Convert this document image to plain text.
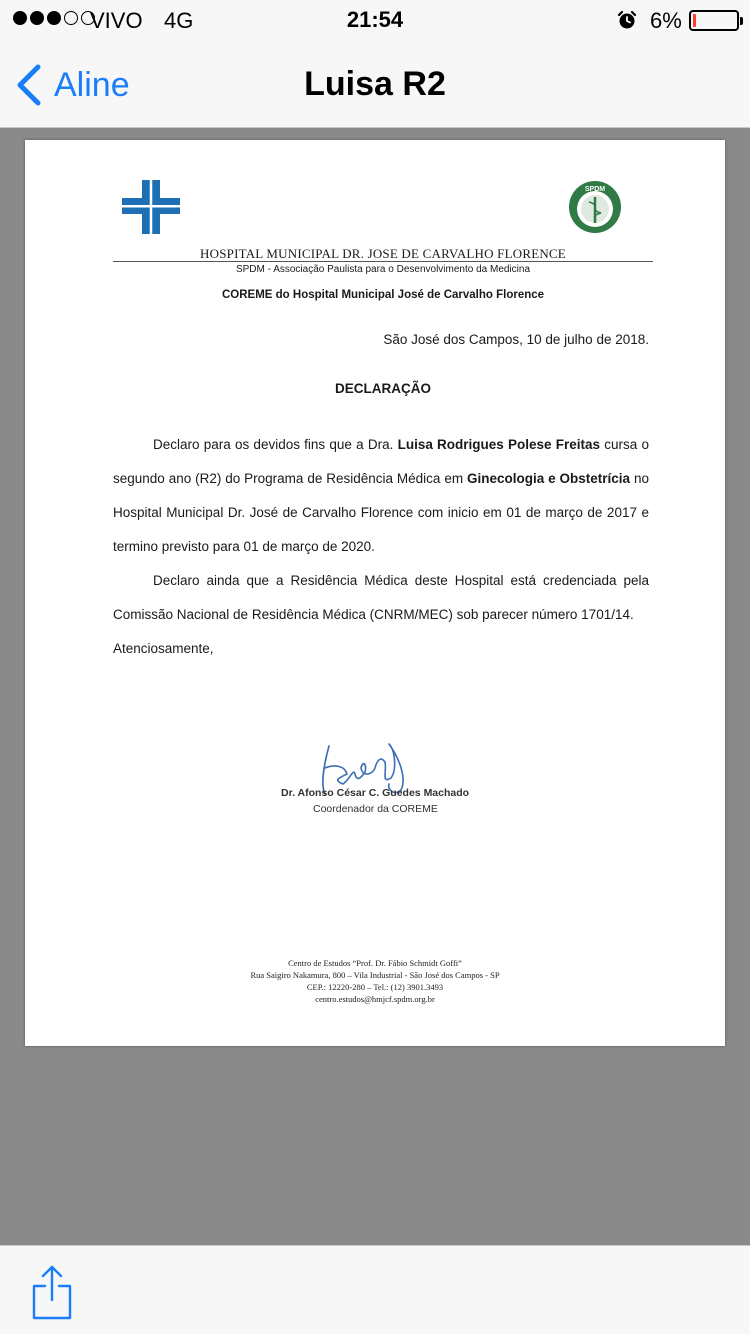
VIVO 4G	21:54	6%
Aline	Luisa R2
SPDM
HOSPITAL MUNICIPAL DR. JOSE DE CARVALHO FLORENCE
SPDM - Associação Paulista para o Desenvolvimento da Medicina
COREME do Hospital Municipal José de Carvalho Florence
São José dos Campos, 10 de julho de 2018.
DECLARAÇÃO

Declaro para os devidos fins que a Dra. Luisa Rodrigues Polese Freitas cursa o segundo ano (R2) do Programa de Residência Médica em Ginecologia e Obstetrícia no Hospital Municipal Dr. José de Carvalho Florence com inicio em 01 de março de 2017 e termino previsto para 01 de março de 2020.

Declaro ainda que a Residência Médica deste Hospital está credenciada pela Comissão Nacional de Residência Médica (CNRM/MEC) sob parecer número 1701/14.

Atenciosamente,

Dr. Afonso César C. Guedes Machado
Coordenador da COREME
Centro de Estudos “Prof. Dr. Fábio Schmidt Goffi”
Rua Saigiro Nakamura, 800 – Vila Industrial - São José dos Campos - SP
CEP.: 12220-280 – Tel.: (12) 3901.3493
centro.estudos@hmjcf.spdm.org.br
